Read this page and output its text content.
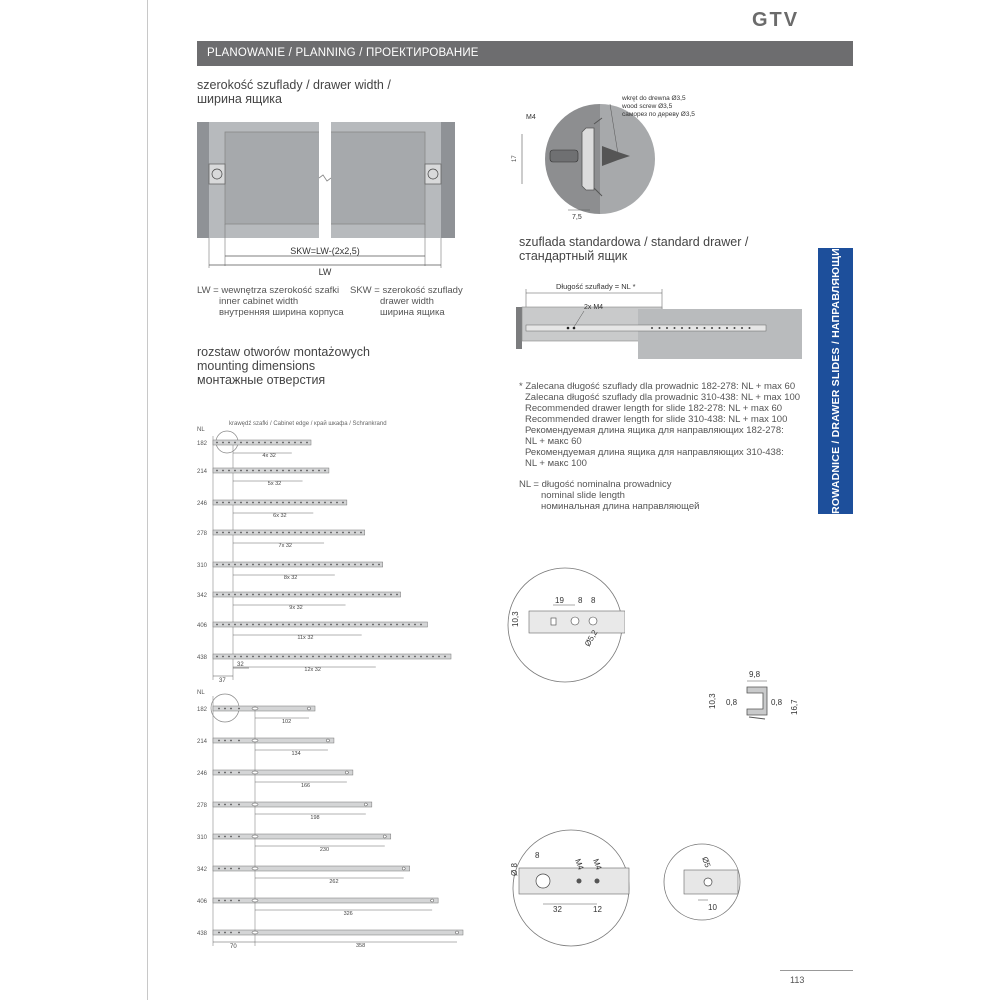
GTV
PLANOWANIE / PLANNING / ПРОЕКТИРОВАНИЕ
PROWADNICE / DRAWER SLIDES / НАПРАВЛЯЮЩИЕ
szerokość szuflady / drawer width /
ширина ящика
SKW=LW-(2x2,5)
LW
LW = wewnętrza szerokość szafki
inner cabinet width
внутренняя ширина корпуса
SKW = szerokość szuflady
drawer width
ширина ящика
rozstaw otworów montażowych
mounting dimensions
монтажные отверстия
krawędź szafki / Cabinet edge / край шкафа / Schrankrand
NL
182
4x 32
214
5x 32
246
6x 32
278
7x 32
310
8x 32
342
9x 32
406
11x 32
438
12x 32
37
32
NL
182
102
214
134
246
166
278
198
310
230
342
262
406
326
438
358
70
17
M4
7,5
wkręt do drewna Ø3,5
wood screw Ø3,5
саморез по дереву Ø3,5
szuflada standardowa / standard drawer /
стандартный ящик
Długość szuflady = NL *
2x M4
* Zalecana długość szuflady dla prowadnic 182-278: NL + max 60
Zalecana długość szuflady dla prowadnic 310-438: NL + max 100
Recommended drawer length for slide 182-278: NL + max 60
Recommended drawer length for slide 310-438: NL + max 100
Рекомендуемая длина ящика для направляющих 182-278:
NL + макс 60
Рекомендуемая длина ящика для направляющих 310-438:
NL + макс 100
NL = długość nominalna prowadnicy
nominal slide length
номинальная длина направляющей
19 8 8
10,3
Ø5,2
9,8
10,3 0,8	0,8 16,7
8
M4 M4
Ø 8
32	12
Ø5
10
113
